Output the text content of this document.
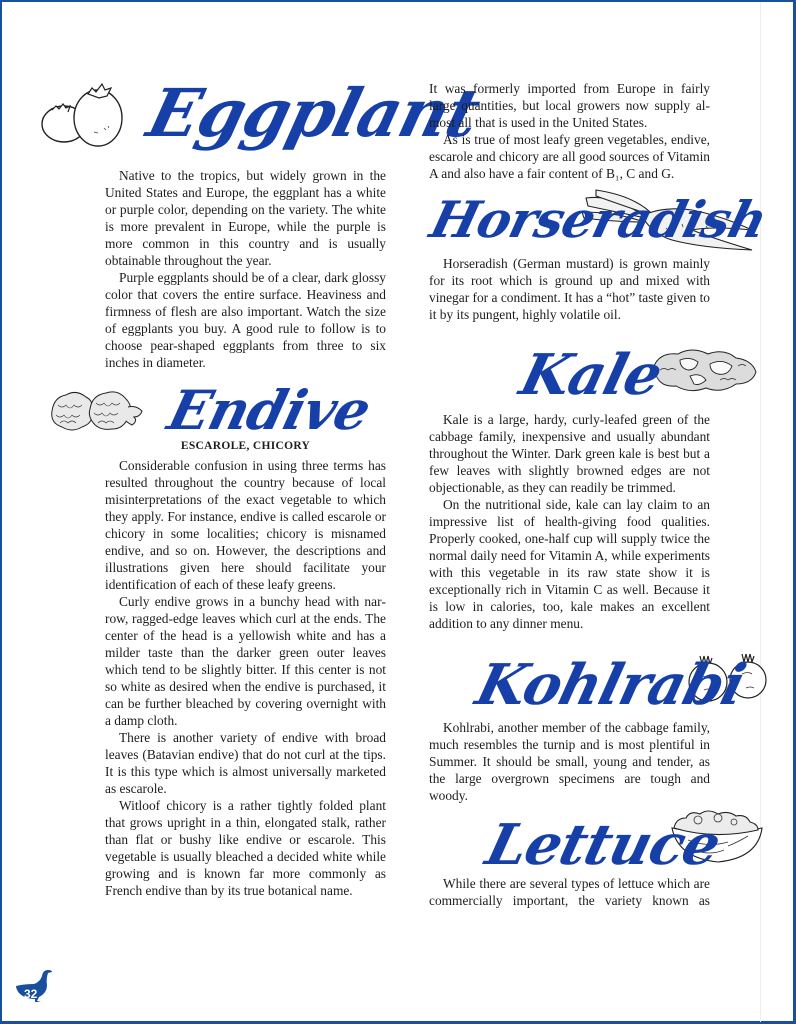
Eggplant

Native to the tropics, but widely grown in the United States and Europe, the eggplant has a white or purple color, depending on the variety. The white is more prevalent in Europe, while the purple is more common in this country and is usually obtainable throughout the year.

Purple eggplants should be of a clear, dark glossy color that covers the entire surface. Heaviness and firmness of flesh are also important. Watch the size of eggplants you buy. A good rule to follow is to choose pear-shaped eggplants from three to six inches in diameter.

Endive
ESCAROLE, CHICORY

Considerable confusion in using three terms has resulted throughout the country because of local misinterpretations of the exact vegetable to which they apply. For instance, endive is called escarole or chicory in some localities; chicory is misnamed endive, and so on. However, the descriptions and illustrations given here should facilitate your identification of each of these leafy greens.

Curly endive grows in a bunchy head with narrow, ragged-edge leaves which curl at the ends. The center of the head is a yellowish white and has a milder taste than the darker green outer leaves which tend to be slightly bitter. If this center is not so white as desired when the endive is purchased, it can be further bleached by covering overnight with a damp cloth.

There is another variety of endive with broad leaves (Batavian endive) that do not curl at the tips. It is this type which is almost universally marketed as escarole.

Witloof chicory is a rather tightly folded plant that grows upright in a thin, elongated stalk, rather than flat or bushy like endive or escarole. This vegetable is usually bleached a decided white while growing and is known far more commonly as French endive than by its true botanical name.

It was formerly imported from Europe in fairly large quantities, but local growers now supply almost all that is used in the United States.

As is true of most leafy green vegetables, endive, escarole and chicory are all good sources of Vitamin A and also have a fair content of B₁, C and G.

Horseradish

Horseradish (German mustard) is grown mainly for its root which is ground up and mixed with vinegar for a condiment. It has a “hot” taste given to it by its pungent, highly volatile oil.

Kale

Kale is a large, hardy, curly-leafed green of the cabbage family, inexpensive and usually abundant throughout the Winter. Dark green kale is best but a few leaves with slightly browned edges are not objectionable, as they can readily be trimmed.

On the nutritional side, kale can lay claim to an impressive list of health-giving food qualities. Properly cooked, one-half cup will supply twice the normal daily need for Vitamin A, while experiments with this vegetable in its raw state show it is exceptionally rich in Vitamin C as well. Because it is low in calories, too, kale makes an excellent addition to any dinner menu.

Kohlrabi

Kohlrabi, another member of the cabbage family, much resembles the turnip and is most plentiful in Summer. It should be small, young and tender, as the large overgrown specimens are tough and woody.

Lettuce

While there are several types of lettuce which are commercially important, the variety known as

32
